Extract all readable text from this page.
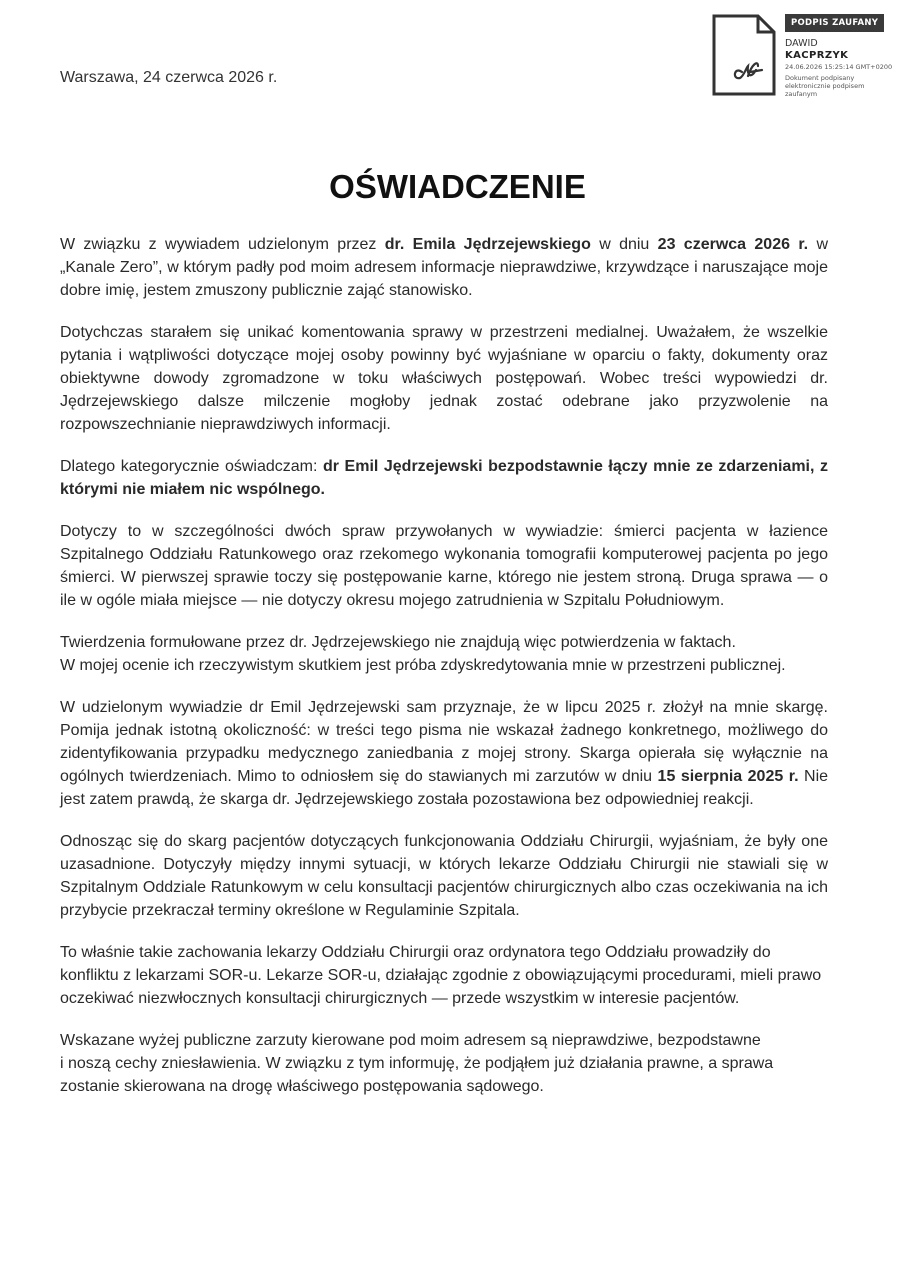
Warszawa, 24 czerwca 2026 r.
PODPIS ZAUFANY
DAWID
KACPRZYK
24.06.2026 15:25:14 GMT+0200
Dokument podpisany elektronicznie podpisem zaufanym
OŚWIADCZENIE

W związku z wywiadem udzielonym przez dr. Emila Jędrzejewskiego w dniu 23 czerwca 2026 r. w „Kanale Zero”, w którym padły pod moim adresem informacje nieprawdziwe, krzywdzące i naruszające moje dobre imię, jestem zmuszony publicznie zająć stanowisko.

Dotychczas starałem się unikać komentowania sprawy w przestrzeni medialnej. Uważałem, że wszelkie pytania i wątpliwości dotyczące mojej osoby powinny być wyjaśniane w oparciu o fakty, dokumenty oraz obiektywne dowody zgromadzone w toku właściwych postępowań. Wobec treści wypowiedzi dr. Jędrzejewskiego dalsze milczenie mogłoby jednak zostać odebrane jako przyzwolenie na rozpowszechnianie nieprawdziwych informacji.

Dlatego kategorycznie oświadczam: dr Emil Jędrzejewski bezpodstawnie łączy mnie ze zdarzeniami, z którymi nie miałem nic wspólnego.

Dotyczy to w szczególności dwóch spraw przywołanych w wywiadzie: śmierci pacjenta w łazience Szpitalnego Oddziału Ratunkowego oraz rzekomego wykonania tomografii komputerowej pacjenta po jego śmierci. W pierwszej sprawie toczy się postępowanie karne, którego nie jestem stroną. Druga sprawa — o ile w ogóle miała miejsce — nie dotyczy okresu mojego zatrudnienia w Szpitalu Południowym.

Twierdzenia formułowane przez dr. Jędrzejewskiego nie znajdują więc potwierdzenia w faktach.

W mojej ocenie ich rzeczywistym skutkiem jest próba zdyskredytowania mnie w przestrzeni publicznej.

W udzielonym wywiadzie dr Emil Jędrzejewski sam przyznaje, że w lipcu 2025 r. złożył na mnie skargę. Pomija jednak istotną okoliczność: w treści tego pisma nie wskazał żadnego konkretnego, możliwego do zidentyfikowania przypadku medycznego zaniedbania z mojej strony. Skarga opierała się wyłącznie na ogólnych twierdzeniach. Mimo to odniosłem się do stawianych mi zarzutów w dniu 15 sierpnia 2025 r. Nie jest zatem prawdą, że skarga dr. Jędrzejewskiego została pozostawiona bez odpowiedniej reakcji.

Odnosząc się do skarg pacjentów dotyczących funkcjonowania Oddziału Chirurgii, wyjaśniam, że były one uzasadnione. Dotyczyły między innymi sytuacji, w których lekarze Oddziału Chirurgii nie stawiali się w Szpitalnym Oddziale Ratunkowym w celu konsultacji pacjentów chirurgicznych albo czas oczekiwania na ich przybycie przekraczał terminy określone w Regulaminie Szpitala.

To właśnie takie zachowania lekarzy Oddziału Chirurgii oraz ordynatora tego Oddziału prowadziły do konfliktu z lekarzami SOR-u. Lekarze SOR-u, działając zgodnie z obowiązującymi procedurami, mieli prawo oczekiwać niezwłocznych konsultacji chirurgicznych — przede wszystkim w interesie pacjentów.

Wskazane wyżej publiczne zarzuty kierowane pod moim adresem są nieprawdziwe, bezpodstawne
i noszą cechy zniesławienia. W związku z tym informuję, że podjąłem już działania prawne, a sprawa zostanie skierowana na drogę właściwego postępowania sądowego.
